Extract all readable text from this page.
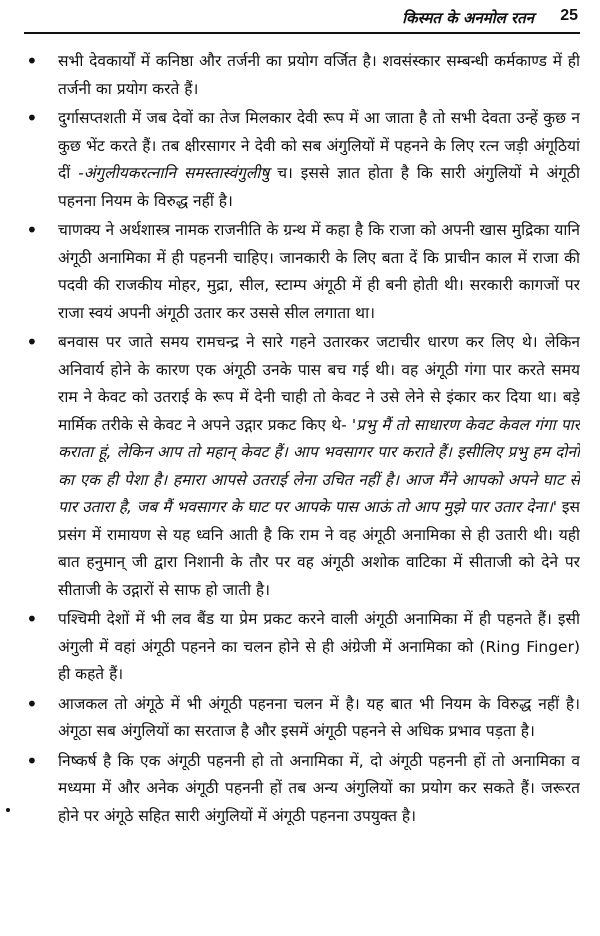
किस्मत के अनमोल रतन 25

• सभी देवकार्यों में कनिष्ठा और तर्जनी का प्रयोग वर्जित है। शवसंस्कार सम्बन्धी कर्मकाण्ड में ही तर्जनी का प्रयोग करते हैं।

• दुर्गासप्तशती में जब देवों का तेज मिलकार देवी रूप में आ जाता है तो सभी देवता उन्हें कुछ न कुछ भेंट करते हैं। तब क्षीरसागर ने देवी को सब अंगुलियों में पहनने के लिए रत्न जड़ी अंगूठियां दीं -अंगुलीयकरत्नानि समस्तास्वंगुलीषु च। इससे ज्ञात होता है कि सारी अंगुलियों मे अंगूठी पहनना नियम के विरुद्ध नहीं है।

• चाणक्य ने अर्थशास्त्र नामक राजनीति के ग्रन्थ में कहा है कि राजा को अपनी खास मुद्रिका यानि अंगूठी अनामिका में ही पहननी चाहिए। जानकारी के लिए बता दें कि प्राचीन काल में राजा की पदवी की राजकीय मोहर, मुद्रा, सील, स्टाम्प अंगूठी में ही बनी होती थी। सरकारी कागजों पर राजा स्वयं अपनी अंगूठी उतार कर उससे सील लगाता था।

• बनवास पर जाते समय रामचन्द्र ने सारे गहने उतारकर जटाचीर धारण कर लिए थे। लेकिन अनिवार्य होने के कारण एक अंगूठी उनके पास बच गई थी। वह अंगूठी गंगा पार करते समय राम ने केवट को उतराई के रूप में देनी चाही तो केवट ने उसे लेने से इंकार कर दिया था। बड़े मार्मिक तरीके से केवट ने अपने उद्गार प्रकट किए थे- 'प्रभु मैं तो साधारण केवट केवल गंगा पार कराता हूं, लेकिन आप तो महान् केवट हैं। आप भवसागर पार कराते हैं। इसीलिए प्रभु हम दोनों का एक ही पेशा है। हमारा आपसे उतराई लेना उचित नहीं है। आज मैंने आपको अपने घाट से पार उतारा है, जब मैं भवसागर के घाट पर आपके पास आऊं तो आप मुझे पार उतार देना।' इस प्रसंग में रामायण से यह ध्वनि आती है कि राम ने वह अंगूठी अनामिका से ही उतारी थी। यही बात हनुमान् जी द्वारा निशानी के तौर पर वह अंगूठी अशोक वाटिका में सीताजी को देने पर सीताजी के उद्गारों से साफ हो जाती है।

• पश्चिमी देशों में भी लव बैंड या प्रेम प्रकट करने वाली अंगूठी अनामिका में ही पहनते हैं। इसी अंगुली में वहां अंगूठी पहनने का चलन होने से ही अंग्रेजी में अनामिका को (Ring Finger) ही कहते हैं।

• आजकल तो अंगूठे में भी अंगूठी पहनना चलन में है। यह बात भी नियम के विरुद्ध नहीं है। अंगूठा सब अंगुलियों का सरताज है और इसमें अंगूठी पहनने से अधिक प्रभाव पड़ता है।

• निष्कर्ष है कि एक अंगूठी पहननी हो तो अनामिका में, दो अंगूठी पहननी हों तो अनामिका व मध्यमा में और अनेक अंगूठी पहननी हों तब अन्य अंगुलियों का प्रयोग कर सकते हैं। जरूरत होने पर अंगूठे सहित सारी अंगुलियों में अंगूठी पहनना उपयुक्त है।
